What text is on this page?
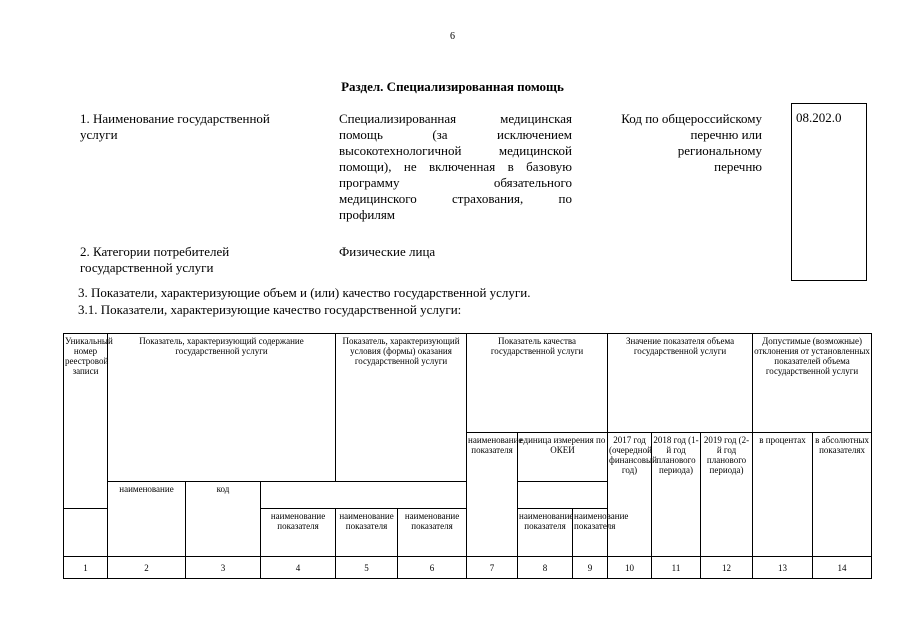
6
Раздел. Специализированная помощь
1. Наименование государственной
услуги
Специализированная медицинская
помощь (за исключением
высокотехнологичной медицинской
помощи), не включенная в базовую
программу обязательного
медицинского страхования, по
профилям
Код по общероссийскому
перечню или
региональному
перечню
08.202.0
2. Категории потребителей
государственной услуги
Физические лица
3. Показатели, характеризующие объем и (или) качество государственной услуги.
3.1. Показатели, характеризующие качество государственной услуги:
Уникальный номер реестровой записи	Показатель, характеризующий содержание государственной услуги			Показатель, характеризующий условия (формы) оказания государственной услуги		Показатель качества государственной услуги			Значение показателя объема государственной услуги			Допустимые (возможные) отклонения от установленных показателей объема государственной услуги	
						наименование показателя	единица измерения по ОКЕИ		2017 год (очередной финансовый год)	2018 год (1-й год планового периода)	2019 год (2-й год планового периода)	в процентах	в абсолютных показателях
	наименование	код											
			наименование показателя	наименование показателя	наименование показателя		наименование показателя	наименование показателя					
1	2	3	4	5	6	7	8	9	10	11	12	13	14
